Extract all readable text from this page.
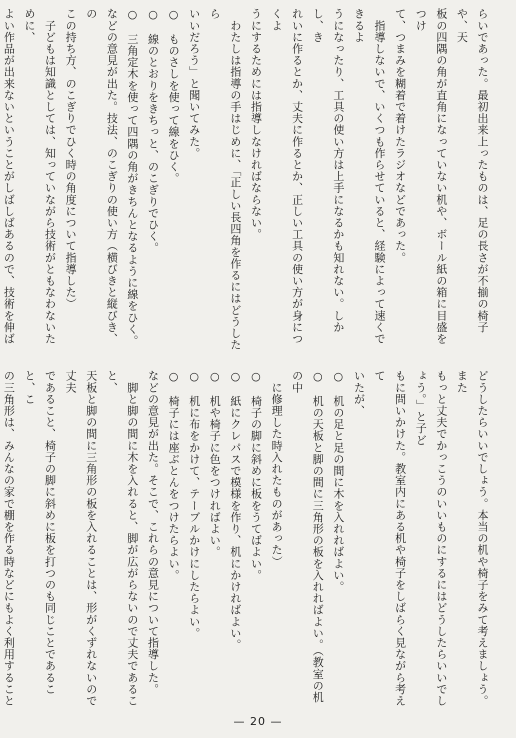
らいであった。最初出来上ったものは、足の長さが不揃の椅子や、天

板の四隅の角が直角になっていない机や、ボール紙の箱に目盛をつけ

て、つまみを糊着で着けたラジオなどであった。

　指導しないで、いくつも作らせていると、経験によって速くできるよ

うになったり、工具の使い方は上手になるかも知れない。しかし、き

れいに作るとか、丈夫に作るとか、正しい工具の使い方が身につくよ

うにするためには指導しなければならない。

　わたしは指導の手はじめに、「正しい長四角を作るにはどうしたら

いいだろう」と聞いてみた。

○　ものさしを使って線をひく。

○　線のとおりをきちっと、のこぎりでひく。

○　三角定木を使って四隅の角がきちんとなるように線をひく。

などの意見が出た。技法、のこぎりの使い方（横びきと縦びき、の

この持ち方、のこぎりでひく時の角度について指導した）

　子どもは知識としては、知っていながら技術がともなわないために、

よい作品が出来ないということがしばしばあるので、技術を伸ば

どうしたらいいでしょう。本当の机や椅子をみて考えましょう。また

もっと丈夫でかっこうのいいものにするにはどうしたらいいでしょう。」と子ど

もに問いかけた。教室内にある机や椅子をしばらく見ながら考えて

いたが、

○　机の足と足の間に木を入れればよい。

○　机の天板と脚の間に三角形の板を入れればよい。（教室の机の中

　に修理した時入れたものがあった）

○　椅子の脚に斜めに板をうてばよい。

○　紙にクレパスで模様を作り、机にかければよい。

○　机や椅子に色をつければよい。

○　机に布をかけて、テーブルかけにしたらよい。

○　椅子には座ぶとんをつけたらよい。

などの意見が出た。そこで、これらの意見について指導した。

　脚と脚の間に木を入れると、脚が広がらないので丈夫であること、

天板と脚の間に三角形の板を入れることは、形がくずれないので丈夫

であること、椅子の脚に斜めに板を打つのも同じことであること、こ

の三角形は、みんなの家で棚を作る時などにもよく利用すること

— 20 —
